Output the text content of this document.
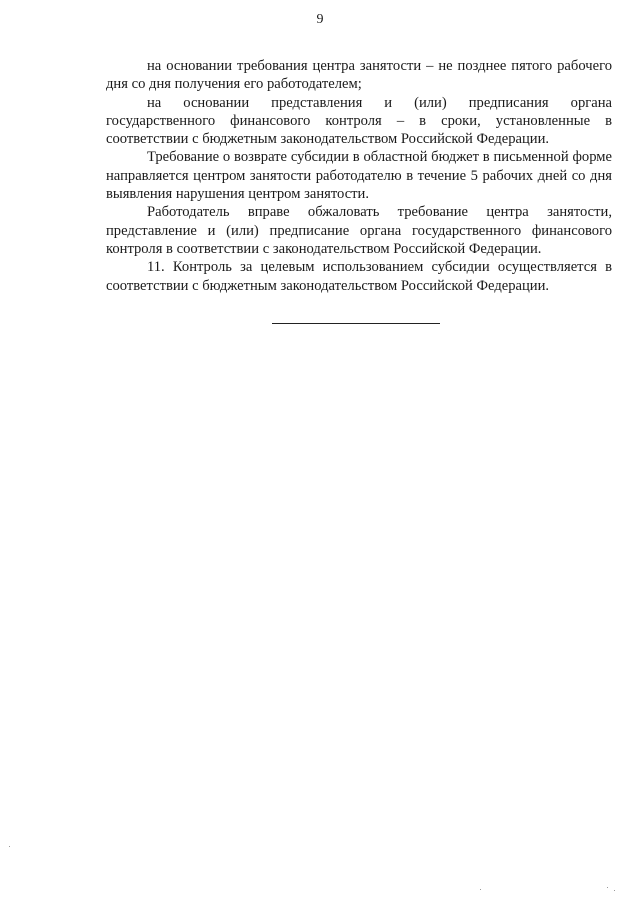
9

на основании требования центра занятости – не позднее пятого рабочего дня со дня получения его работодателем;

на основании представления и (или) предписания органа государственного финансового контроля – в сроки, установленные в соответствии с бюджетным законодательством Российской Федерации.

Требование о возврате субсидии в областной бюджет в письменной форме направляется центром занятости работодателю в течение 5 рабочих дней со дня выявления нарушения центром занятости.

Работодатель вправе обжаловать требование центра занятости, представление и (или) предписание органа государственного финансового контроля в соответствии с законодательством Российской Федерации.

11. Контроль за целевым использованием субсидии осуществляется в соответствии с бюджетным законодательством Российской Федерации.
